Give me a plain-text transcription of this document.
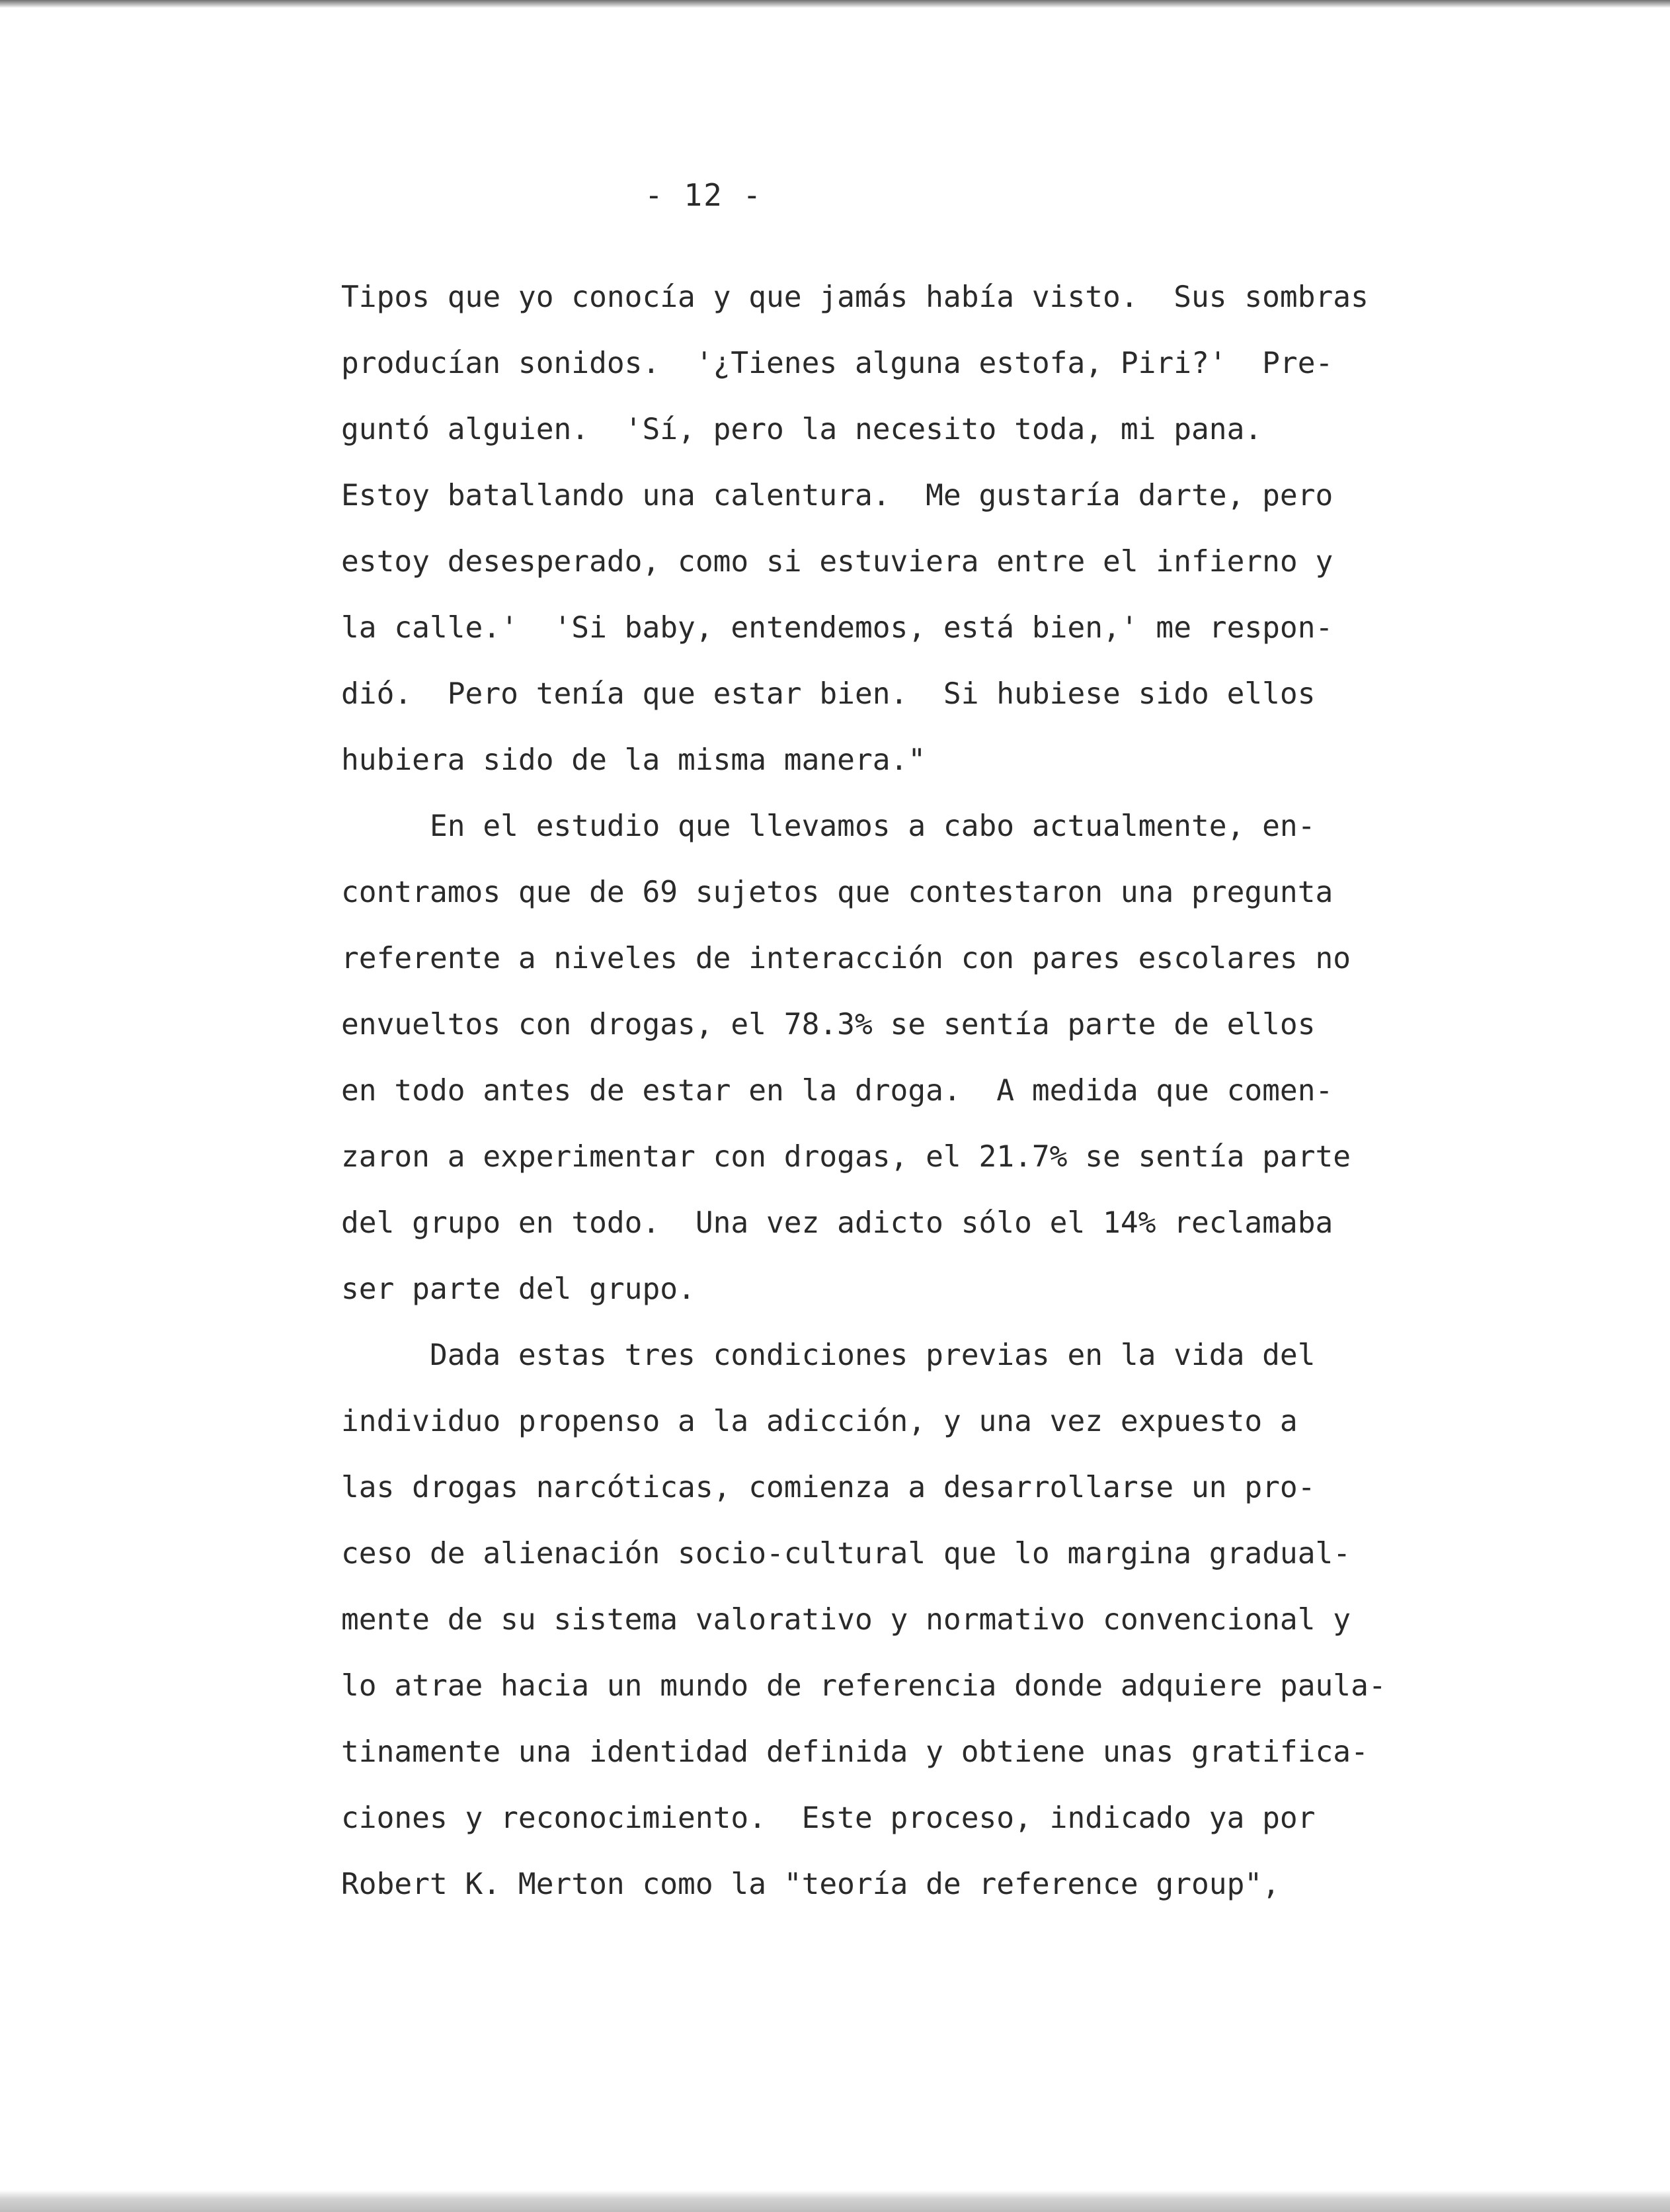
- 12 -

Tipos que yo conocía y que jamás había visto.  Sus sombras

producían sonidos.  '¿Tienes alguna estofa, Piri?'  Pre-

guntó alguien.  'Sí, pero la necesito toda, mi pana.

Estoy batallando una calentura.  Me gustaría darte, pero

estoy desesperado, como si estuviera entre el infierno y

la calle.'  'Si baby, entendemos, está bien,' me respon-

dió.  Pero tenía que estar bien.  Si hubiese sido ellos

hubiera sido de la misma manera."

En el estudio que llevamos a cabo actualmente, en-

contramos que de 69 sujetos que contestaron una pregunta

referente a niveles de interacción con pares escolares no

envueltos con drogas, el 78.3% se sentía parte de ellos

en todo antes de estar en la droga.  A medida que comen-

zaron a experimentar con drogas, el 21.7% se sentía parte

del grupo en todo.  Una vez adicto sólo el 14% reclamaba

ser parte del grupo.

Dada estas tres condiciones previas en la vida del

individuo propenso a la adicción, y una vez expuesto a

las drogas narcóticas, comienza a desarrollarse un pro-

ceso de alienación socio-cultural que lo margina gradual-

mente de su sistema valorativo y normativo convencional y

lo atrae hacia un mundo de referencia donde adquiere paula-

tinamente una identidad definida y obtiene unas gratifica-

ciones y reconocimiento.  Este proceso, indicado ya por

Robert K. Merton como la "teoría de reference group",
